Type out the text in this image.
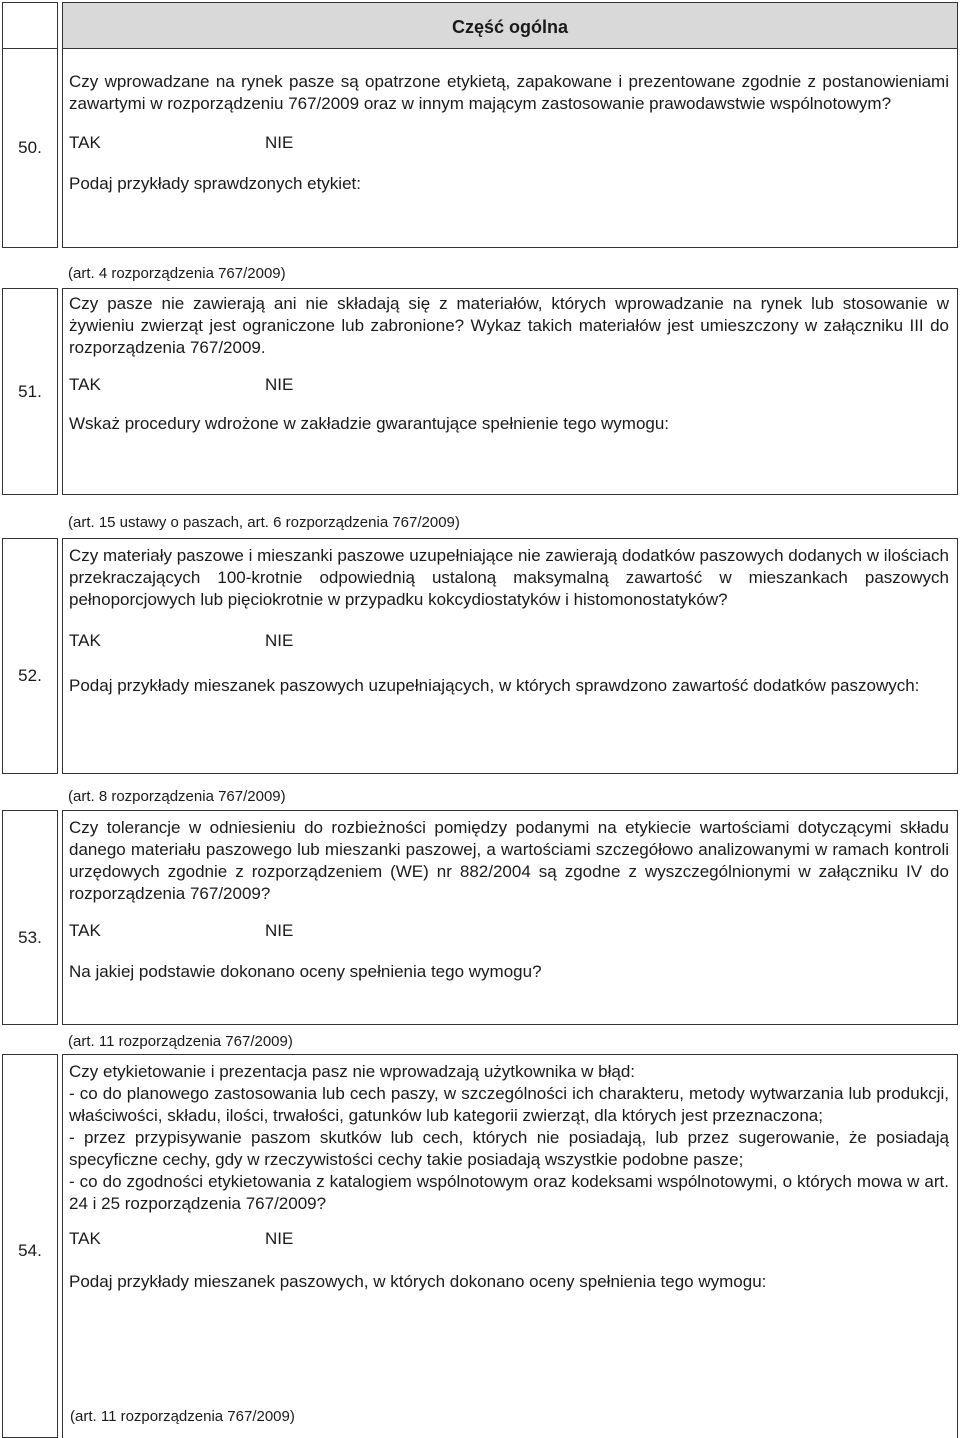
Część ogólna
50.

Czy wprowadzane na rynek pasze są opatrzone etykietą, zapakowane i prezentowane zgodnie z postanowieniami zawartymi w rozporządzeniu 767/2009 oraz w innym mającym zastosowanie prawodawstwie wspólnotowym?

TAK	NIE

Podaj przykłady sprawdzonych etykiet:

(art. 4 rozporządzenia 767/2009)
51.

Czy pasze nie zawierają ani nie składają się z materiałów, których wprowadzanie na rynek lub stosowanie w żywieniu zwierząt jest ograniczone lub zabronione? Wykaz takich materiałów jest umieszczony w załączniku III do rozporządzenia 767/2009.

TAK	NIE

Wskaż procedury wdrożone w zakładzie gwarantujące spełnienie tego wymogu:

(art. 15 ustawy o paszach, art. 6 rozporządzenia 767/2009)
52.

Czy materiały paszowe i mieszanki paszowe uzupełniające nie zawierają dodatków paszowych dodanych w ilościach przekraczających 100-krotnie odpowiednią ustaloną maksymalną zawartość w mieszankach paszowych pełnoporcjowych lub pięciokrotnie w przypadku kokcydiostatyków i histomonostatyków?

TAK	NIE

Podaj przykłady mieszanek paszowych uzupełniających, w których sprawdzono zawartość dodatków paszowych:

(art. 8 rozporządzenia 767/2009)
53.

Czy tolerancje w odniesieniu do rozbieżności pomiędzy podanymi na etykiecie wartościami dotyczącymi składu danego materiału paszowego lub mieszanki paszowej, a wartościami szczegółowo analizowanymi w ramach kontroli urzędowych zgodnie z rozporządzeniem (WE) nr 882/2004 są zgodne z wyszczególnionymi w załączniku IV do rozporządzenia 767/2009?

TAK	NIE

Na jakiej podstawie dokonano oceny spełnienia tego wymogu?

(art. 11 rozporządzenia 767/2009)
54.

Czy etykietowanie i prezentacja pasz nie wprowadzają użytkownika w błąd:

- co do planowego zastosowania lub cech paszy, w szczególności ich charakteru, metody wytwarzania lub produkcji, właściwości, składu, ilości, trwałości, gatunków lub kategorii zwierząt, dla których jest przeznaczona;

- przez przypisywanie paszom skutków lub cech, których nie posiadają, lub przez sugerowanie, że posiadają specyficzne cechy, gdy w rzeczywistości cechy takie posiadają wszystkie podobne pasze;

- co do zgodności etykietowania z katalogiem wspólnotowym oraz kodeksami wspólnotowymi, o których mowa w art. 24 i 25 rozporządzenia 767/2009?

TAK	NIE

Podaj przykłady mieszanek paszowych, w których dokonano oceny spełnienia tego wymogu:

(art. 11 rozporządzenia 767/2009)
